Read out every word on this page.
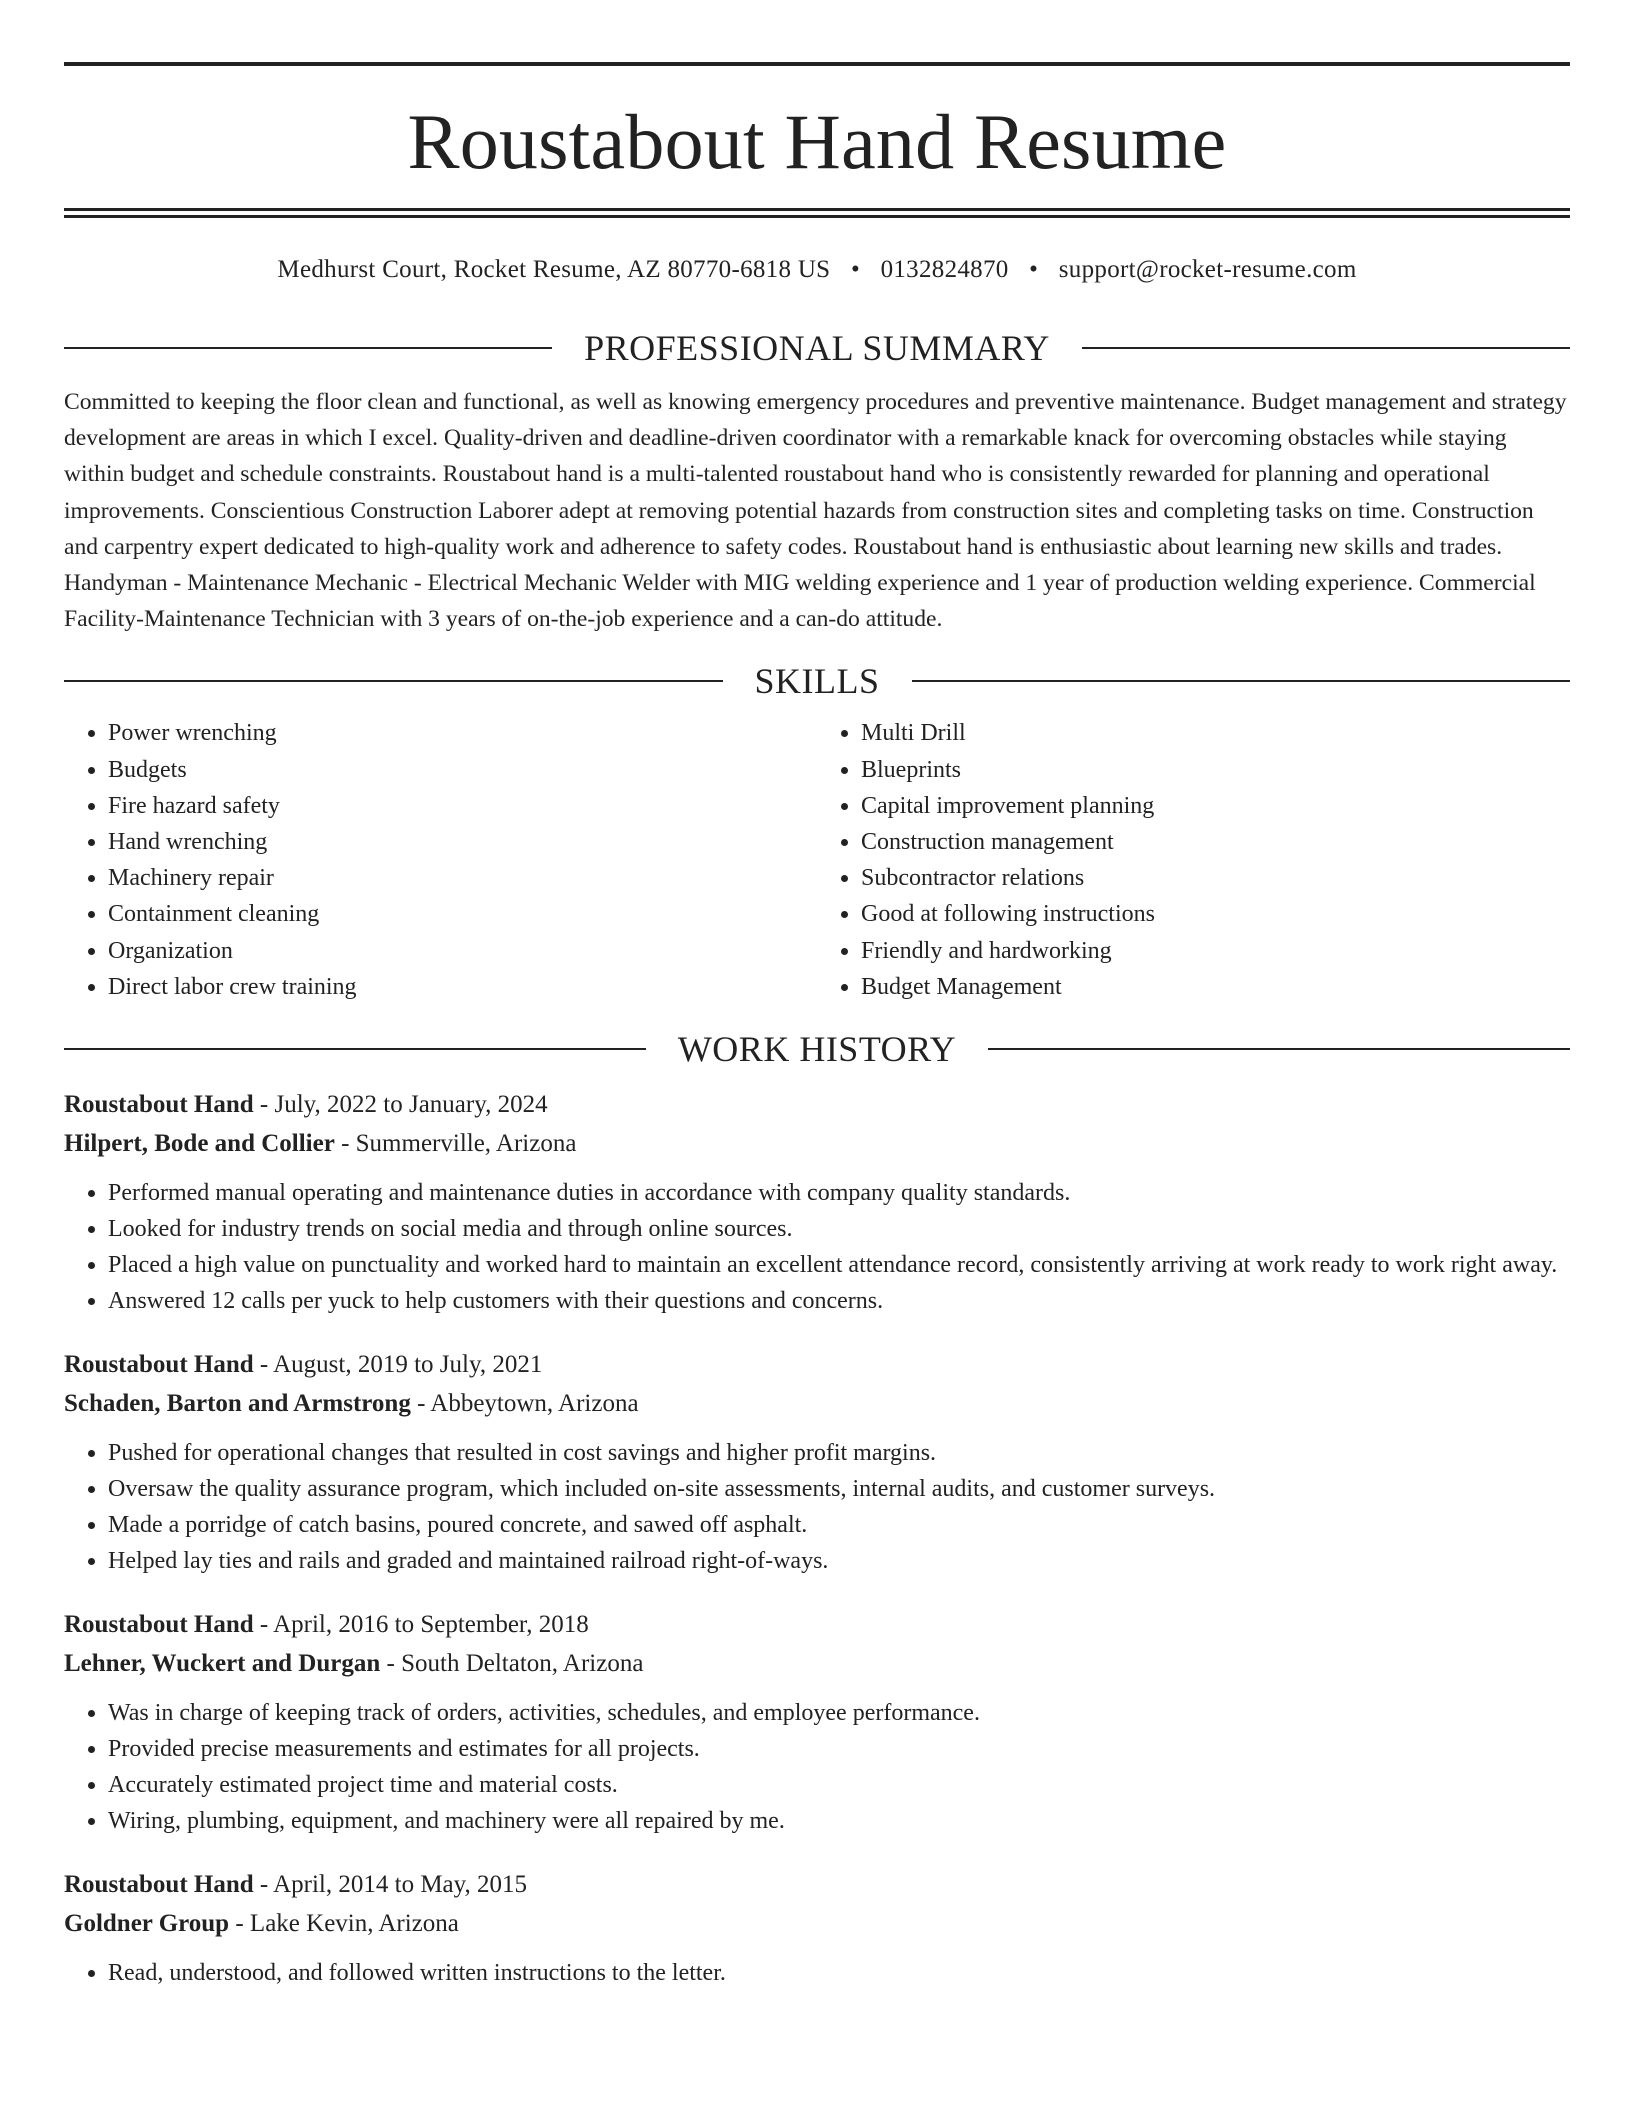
Roustabout Hand Resume
Medhurst Court, Rocket Resume, AZ 80770-6818 US • 0132824870 • support@rocket-resume.com
PROFESSIONAL SUMMARY
Committed to keeping the floor clean and functional, as well as knowing emergency procedures and preventive maintenance. Budget management and strategy development are areas in which I excel. Quality-driven and deadline-driven coordinator with a remarkable knack for overcoming obstacles while staying within budget and schedule constraints. Roustabout hand is a multi-talented roustabout hand who is consistently rewarded for planning and operational improvements. Conscientious Construction Laborer adept at removing potential hazards from construction sites and completing tasks on time. Construction and carpentry expert dedicated to high-quality work and adherence to safety codes. Roustabout hand is enthusiastic about learning new skills and trades. Handyman - Maintenance Mechanic - Electrical Mechanic Welder with MIG welding experience and 1 year of production welding experience. Commercial Facility-Maintenance Technician with 3 years of on-the-job experience and a can-do attitude.
SKILLS
• Power wrenching
• Budgets
• Fire hazard safety
• Hand wrenching
• Machinery repair
• Containment cleaning
• Organization
• Direct labor crew training
• Multi Drill
• Blueprints
• Capital improvement planning
• Construction management
• Subcontractor relations
• Good at following instructions
• Friendly and hardworking
• Budget Management
WORK HISTORY
Roustabout Hand - July, 2022 to January, 2024
Hilpert, Bode and Collier - Summerville, Arizona
• Performed manual operating and maintenance duties in accordance with company quality standards.
• Looked for industry trends on social media and through online sources.
• Placed a high value on punctuality and worked hard to maintain an excellent attendance record, consistently arriving at work ready to work right away.
• Answered 12 calls per yuck to help customers with their questions and concerns.
Roustabout Hand - August, 2019 to July, 2021
Schaden, Barton and Armstrong - Abbeytown, Arizona
• Pushed for operational changes that resulted in cost savings and higher profit margins.
• Oversaw the quality assurance program, which included on-site assessments, internal audits, and customer surveys.
• Made a porridge of catch basins, poured concrete, and sawed off asphalt.
• Helped lay ties and rails and graded and maintained railroad right-of-ways.
Roustabout Hand - April, 2016 to September, 2018
Lehner, Wuckert and Durgan - South Deltaton, Arizona
• Was in charge of keeping track of orders, activities, schedules, and employee performance.
• Provided precise measurements and estimates for all projects.
• Accurately estimated project time and material costs.
• Wiring, plumbing, equipment, and machinery were all repaired by me.
Roustabout Hand - April, 2014 to May, 2015
Goldner Group - Lake Kevin, Arizona
• Read, understood, and followed written instructions to the letter.
